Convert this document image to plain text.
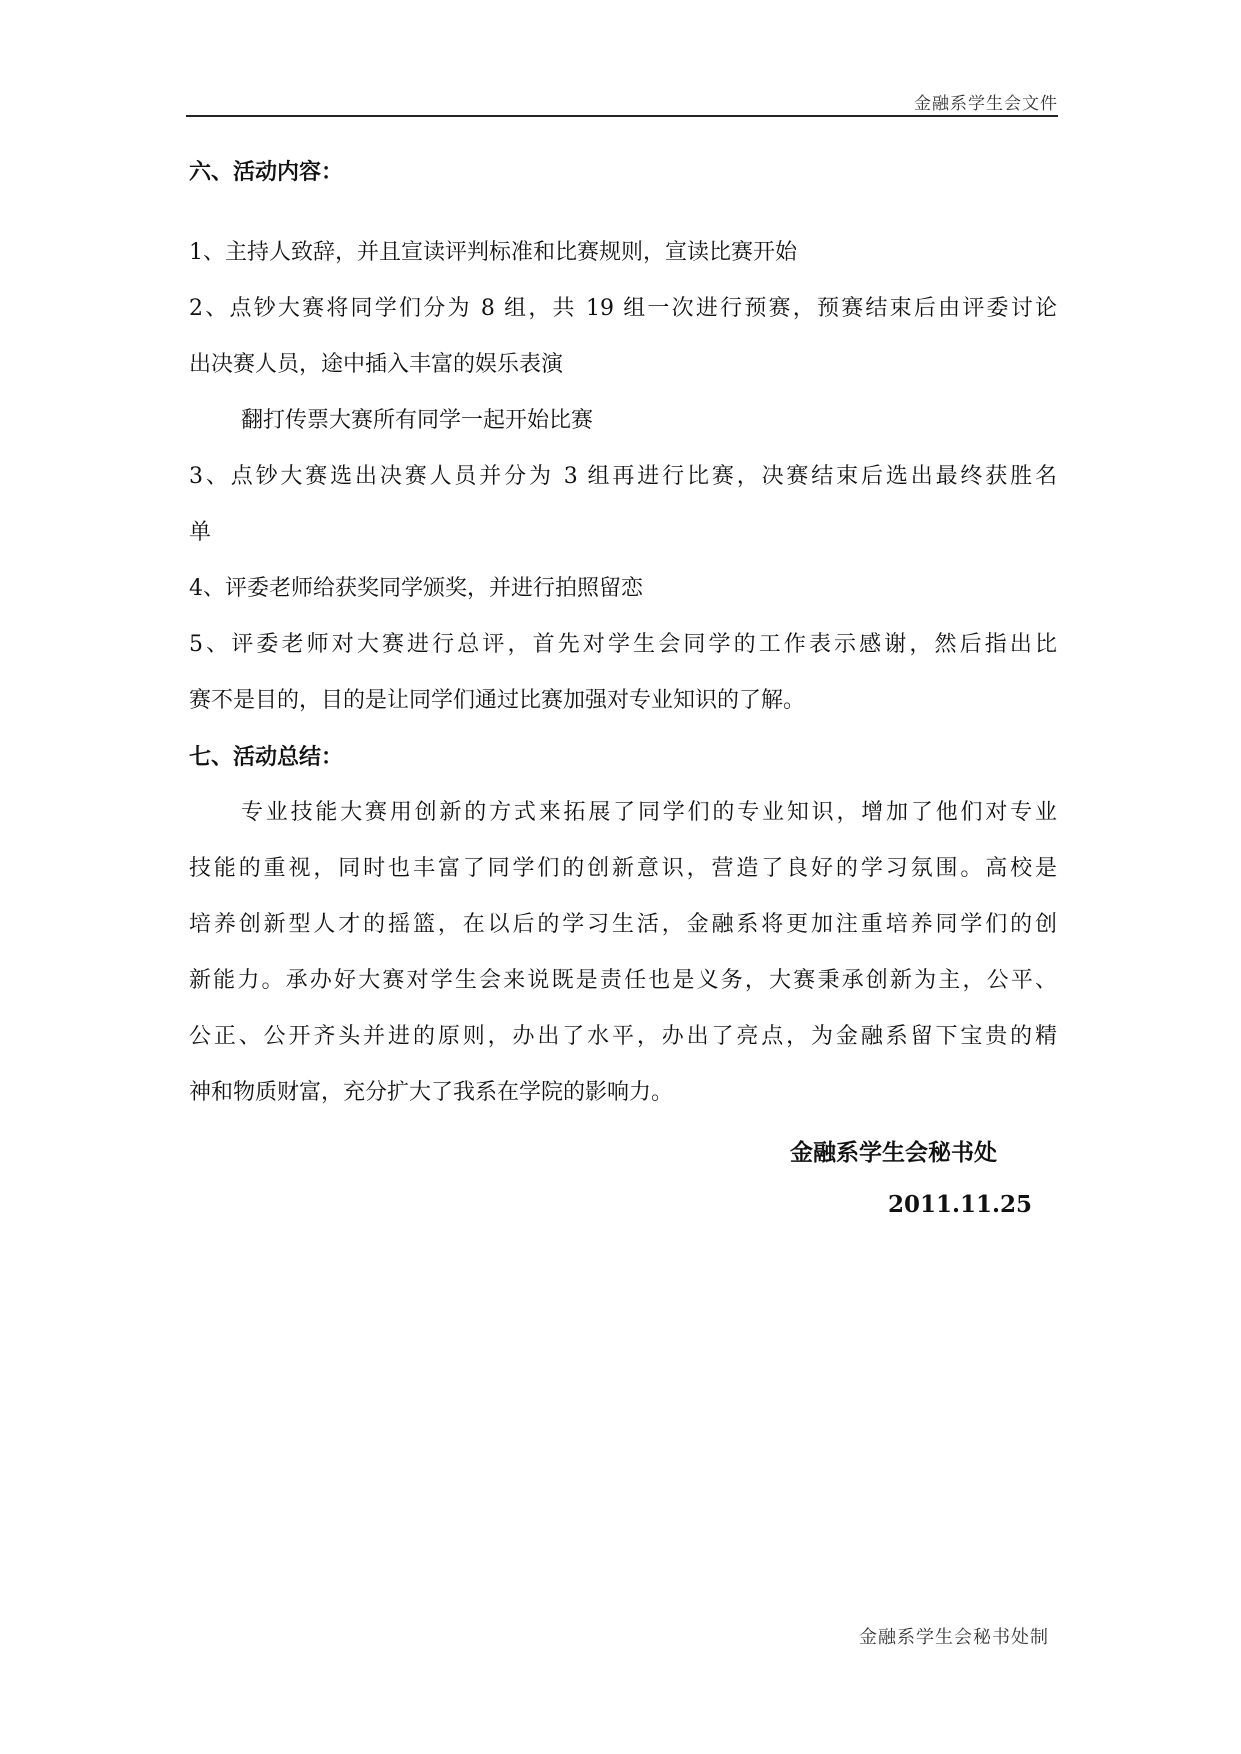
金融系学生会文件
六、活动内容：
1、主持人致辞，并且宣读评判标准和比赛规则，宣读比赛开始
2、点钞大赛将同学们分为 8 组，共 19 组一次进行预赛，预赛结束后由评委讨论
出决赛人员，途中插入丰富的娱乐表演
翻打传票大赛所有同学一起开始比赛
3、点钞大赛选出决赛人员并分为 3 组再进行比赛，决赛结束后选出最终获胜名
单
4、评委老师给获奖同学颁奖，并进行拍照留恋
5、评委老师对大赛进行总评，首先对学生会同学的工作表示感谢，然后指出比
赛不是目的，目的是让同学们通过比赛加强对专业知识的了解。
七、活动总结：
专业技能大赛用创新的方式来拓展了同学们的专业知识，增加了他们对专业
技能的重视，同时也丰富了同学们的创新意识，营造了良好的学习氛围。高校是
培养创新型人才的摇篮，在以后的学习生活，金融系将更加注重培养同学们的创
新能力。承办好大赛对学生会来说既是责任也是义务，大赛秉承创新为主，公平、
公正、公开齐头并进的原则，办出了水平，办出了亮点，为金融系留下宝贵的精
神和物质财富，充分扩大了我系在学院的影响力。
金融系学生会秘书处
2011.11.25
金融系学生会秘书处制
